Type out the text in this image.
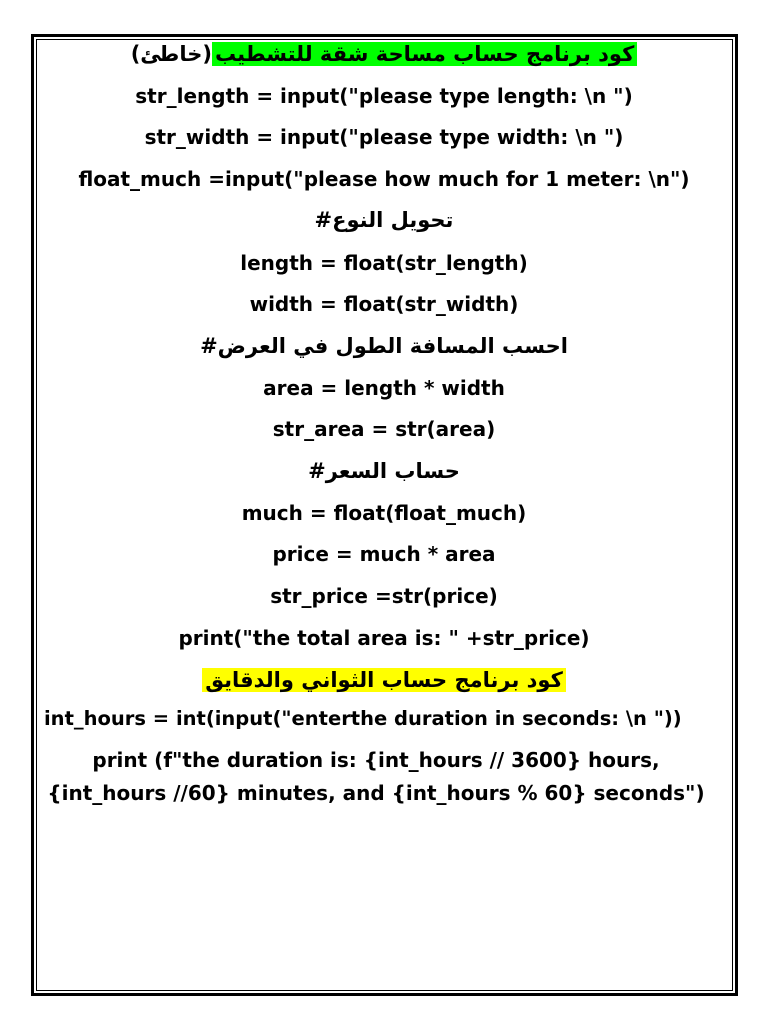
كود برنامج حساب مساحة شقة للتشطيب(خاطئ)
str_length = input("please type length: \n ")
str_width = input("please type width: \n ")
float_much =input("please how much for 1 meter: \n")
تحويل النوع#
length = float(str_length)
width = float(str_width)
احسب المسافة الطول في العرض#
area = length * width
str_area = str(area)
حساب السعر#
much = float(float_much)
price = much * area
str_price =str(price)
print("the total area is: " +str_price)
كود برنامج حساب الثواني والدقايق
int_hours = int(input("enterthe duration in seconds: \n "))
print (f"the duration is: {int_hours // 3600} hours, {int_hours //60} minutes, and {int_hours % 60} seconds")
